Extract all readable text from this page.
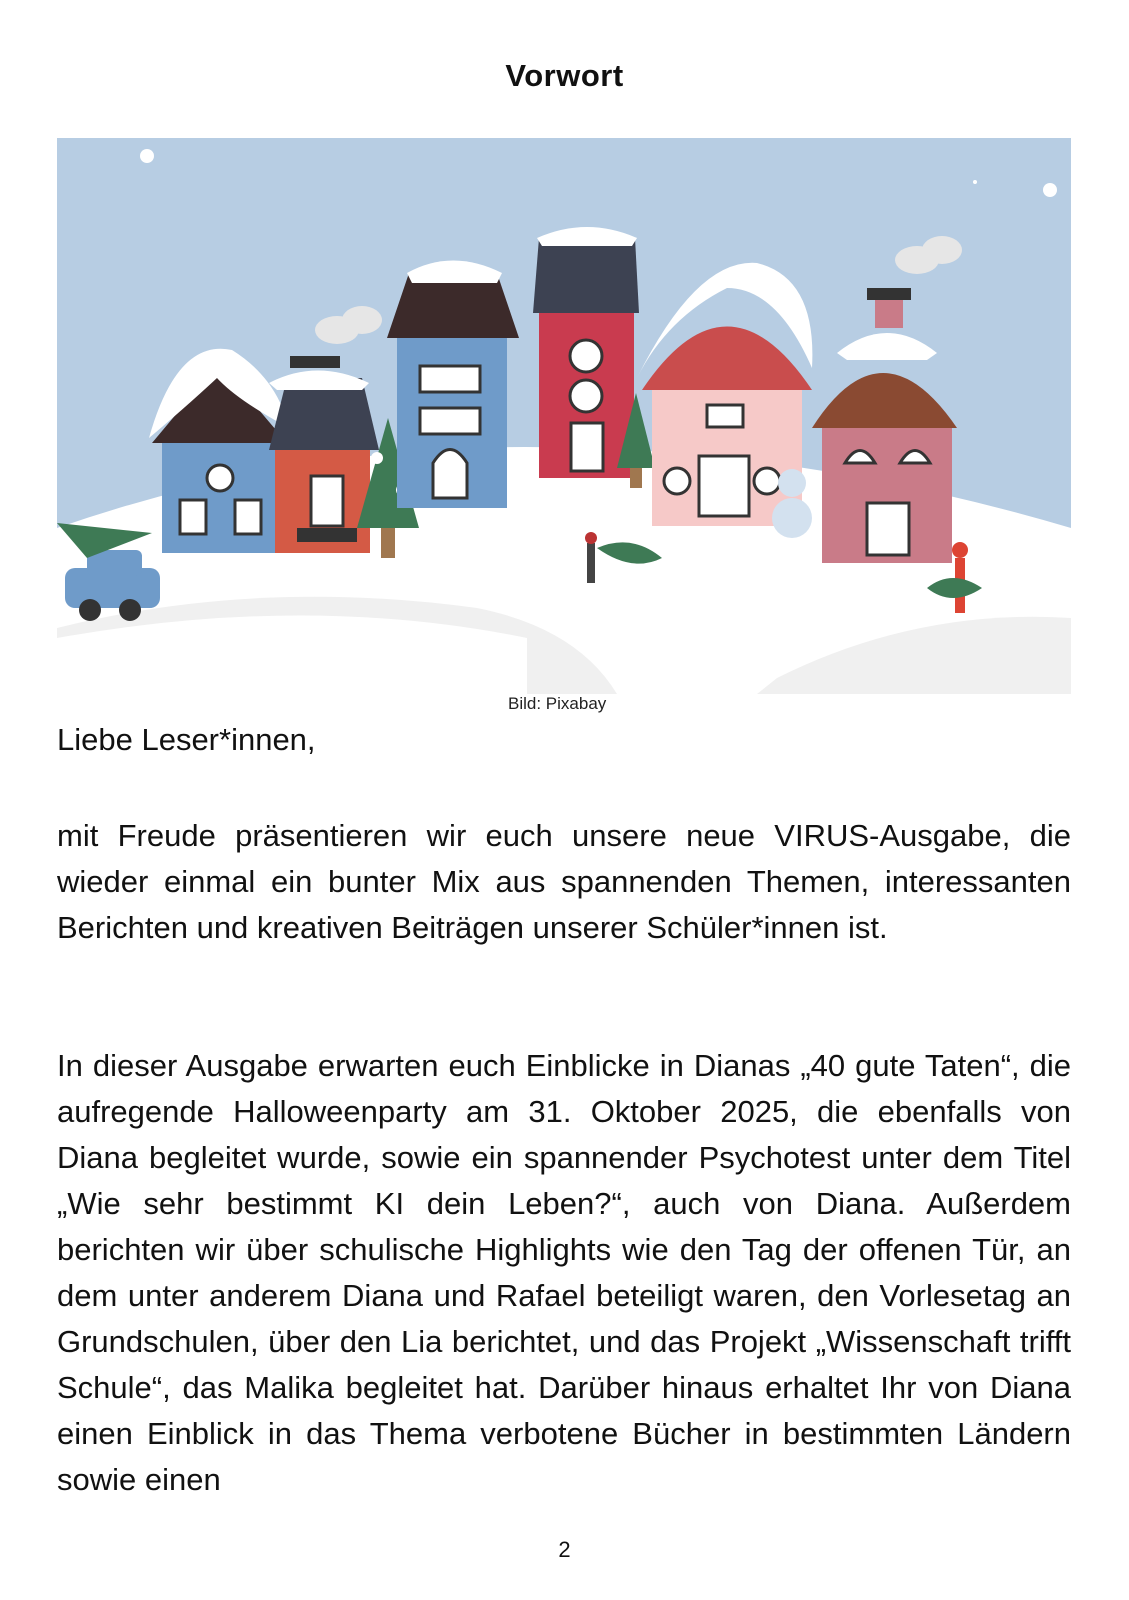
Vorwort
Bild: Pixabay
Liebe Leser*innen,

mit Freude präsentieren wir euch unsere neue VIRUS-Ausgabe, die wieder einmal ein bunter Mix aus spannenden Themen, interessanten Berichten und kreativen Beiträgen unserer Schüler*innen ist.

In dieser Ausgabe erwarten euch Einblicke in Dianas „40 gute Taten“, die aufregende Halloweenparty am 31. Oktober 2025, die ebenfalls von Diana begleitet wurde, sowie ein spannender Psychotest unter dem Titel „Wie sehr bestimmt KI dein Leben?“, auch von Diana. Außerdem berichten wir über schulische Highlights wie den Tag der offenen Tür, an dem unter anderem Diana und Rafael beteiligt waren, den Vorlesetag an Grundschulen, über den Lia berichtet, und das Projekt „Wissenschaft trifft Schule“, das Malika begleitet hat. Darüber hinaus erhaltet Ihr von Diana einen Einblick in das Thema verbotene Bücher in bestimmten Ländern sowie einen

2
